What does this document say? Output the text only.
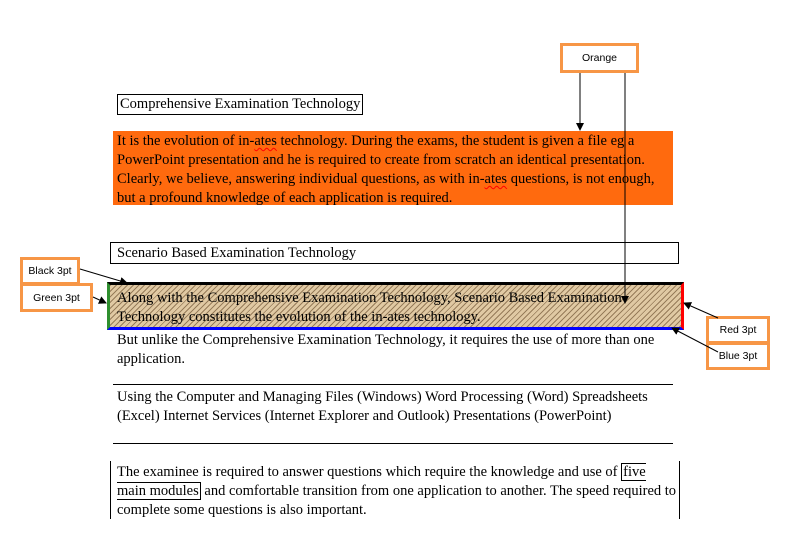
Orange
Black 3pt
Green 3pt
Red 3pt
Blue 3pt
Comprehensive Examination Technology
It is the evolution of in-ates technology. During the exams, the student is given a file eg a PowerPoint presentation and he is required to create from scratch an identical presentation. Clearly, we believe, answering individual questions, as with in-ates questions, is not enough, but a profound knowledge of each application is required.
Scenario Based Examination Technology
Along with the Comprehensive Examination Technology, Scenario Based Examination Technology constitutes the evolution of the in-ates technology.
But unlike the Comprehensive Examination Technology, it requires the use of more than one application.
Using the Computer and Managing Files (Windows) Word Processing (Word) Spreadsheets (Excel) Internet Services (Internet Explorer and Outlook) Presentations (PowerPoint)
The examinee is required to answer questions which require the knowledge and use of five main modules and comfortable transition from one application to another. The speed required to complete some questions is also important.
